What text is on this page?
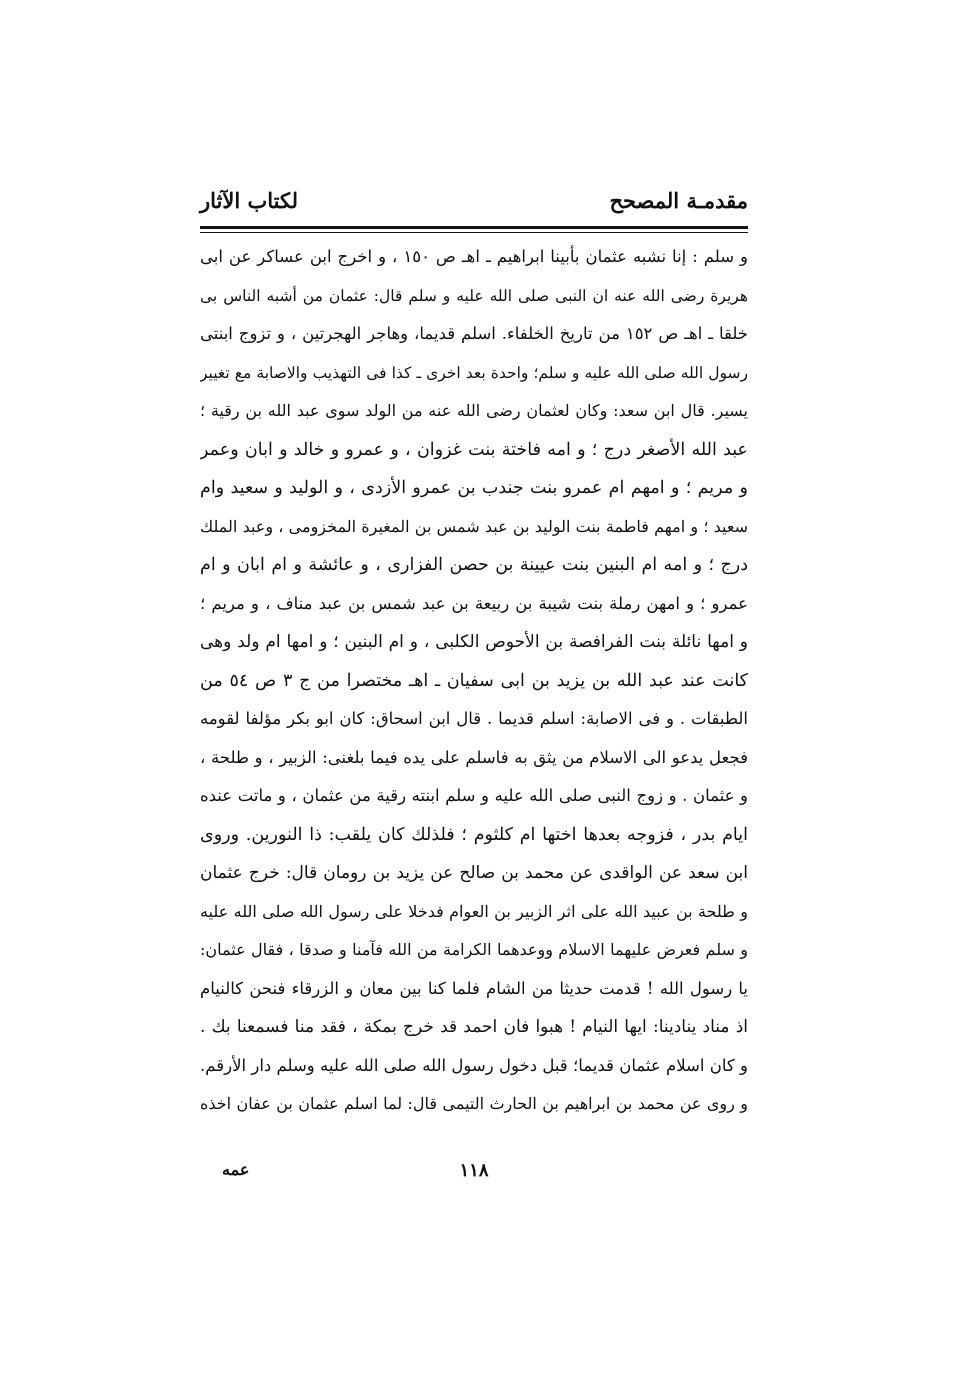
مقدمـة المصحح
لكتاب الآثار
و سلم : إنا نشبه عثمان بأبينا ابراهيم ـ اهـ ص ١٥٠ ، و اخرج ابن عساكر عن ابى
هريرة رضى الله عنه ان النبى صلى الله عليه و سلم قال: عثمان من أشبه الناس بى
خلقا ـ اهـ ص ١٥٢ من تاريخ الخلفاء. اسلم قديما، وهاجر الهجرتين ، و تزوج ابنتى
رسول الله صلى الله عليه و سلم؛ واحدة بعد اخرى ـ كذا فى التهذيب والاصابة مع تغيير
يسير. قال ابن سعد: وكان لعثمان رضى الله عنه من الولد سوى عبد الله بن رقية ؛
عبد الله الأصغر درج ؛ و امه فاختة بنت غزوان ، و عمرو و خالد و ابان وعمر
و مريم ؛ و امهم ام عمرو بنت جندب بن عمرو الأزدى ، و الوليد و سعيد وام
سعيد ؛ و امهم فاطمة بنت الوليد بن عبد شمس بن المغيرة المخزومى ، وعبد الملك
درج ؛ و امه ام البنين بنت عيينة بن حصن الفزارى ، و عائشة و ام ابان و ام
عمرو ؛ و امهن رملة بنت شيبة بن ربيعة بن عبد شمس بن عبد مناف ، و مريم ؛
و امها نائلة بنت الفرافصة بن الأحوص الكلبى ، و ام البنين ؛ و امها ام ولد وهى
كانت عند عبد الله بن يزيد بن ابى سفيان ـ اهـ مختصرا من ج ٣ ص ٥٤ من
الطبقات . و فى الاصابة: اسلم قديما . قال ابن اسحاق: كان ابو بكر مؤلفا لقومه
فجعل يدعو الى الاسلام من يثق به فاسلم على يده فيما بلغنى: الزبير ، و طلحة ،
و عثمان . و زوج النبى صلى الله عليه و سلم ابنته رقية من عثمان ، و ماتت عنده
ايام بدر ، فزوجه بعدها اختها ام كلثوم ؛ فلذلك كان يلقب: ذا النورين. وروى
ابن سعد عن الواقدى عن محمد بن صالح عن يزيد بن رومان قال: خرج عثمان
و طلحة بن عبيد الله على اثر الزبير بن العوام فدخلا على رسول الله صلى الله عليه
و سلم فعرض عليهما الاسلام ووعدهما الكرامة من الله فآمنا و صدقا ، فقال عثمان:
يا رسول الله ! قدمت حديثا من الشام فلما كنا بين معان و الزرقاء فنحن كالنيام
اذ مناد ينادينا: ايها النيام ! هبوا فان احمد قد خرج بمكة ، فقد منا فسمعنا بك .
و كان اسلام عثمان قديما؛ قبل دخول رسول الله صلى الله عليه وسلم دار الأرقم.
و روى عن محمد بن ابراهيم بن الحارث التيمى قال: لما اسلم عثمان بن عفان اخذه
١١٨
عمه
